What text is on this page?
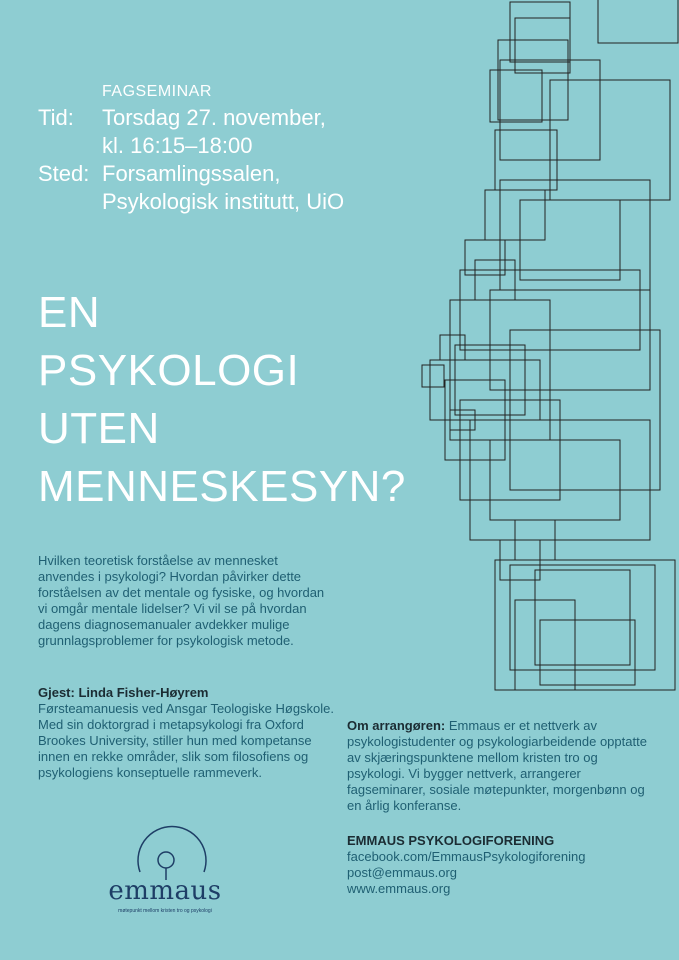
FAGSEMINAR
Tid: Torsdag 27. november,
kl. 16:15–18:00
Sted: Forsamlingssalen,
Psykologisk institutt, UiO
EN
PSYKOLOGI
UTEN
MENNESKESYN?
Hvilken teoretisk forståelse av mennesket anvendes i psykologi? Hvordan påvirker dette forståelsen av det mentale og fysiske, og hvordan vi omgår mentale lidelser? Vi vil se på hvordan dagens diagnosemanualer avdekker mulige grunnlagsproblemer for psykologisk metode.
Gjest: Linda Fisher-Høyrem
Førsteamanuesis ved Ansgar Teologiske Høgskole. Med sin doktorgrad i metapsykologi fra Oxford Brookes University, stiller hun med kompetanse innen en rekke områder, slik som filosofiens og psykologiens konseptuelle rammeverk.
Om arrangøren: Emmaus er et nettverk av psykologistudenter og psykologiarbeidende opptatte av skjæringspunktene mellom kristen tro og psykologi. Vi bygger nettverk, arrangerer fagseminarer, sosiale møtepunkter, morgenbønn og en årlig konferanse.
EMMAUS PSYKOLOGIFORENING
facebook.com/EmmausPsykologiforening
post@emmaus.org
www.emmaus.org
emmaus
møtepunkt mellom kristen tro og psykologi
